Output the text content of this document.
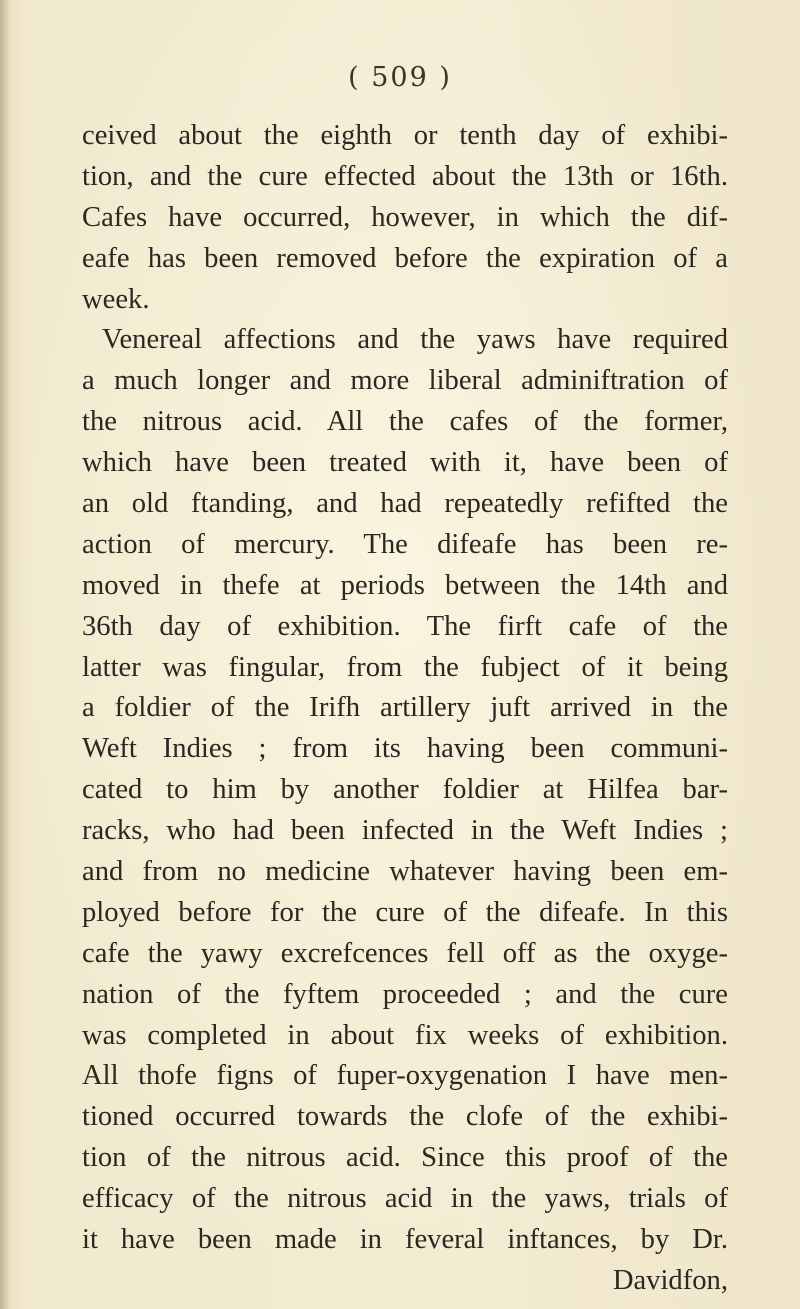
( 509 )
ceived about the eighth or tenth day of exhibi-
tion, and the cure effected about the 13th or 16th.
Cafes have occurred, however, in which the dif-
eafe has been removed before the expiration of a
week.
Venereal affections and the yaws have required
a much longer and more liberal adminiftration of
the nitrous acid. All the cafes of the former,
which have been treated with it, have been of
an old ftanding, and had repeatedly refifted the
action of mercury. The difeafe has been re-
moved in thefe at periods between the 14th and
36th day of exhibition. The firft cafe of the
latter was fingular, from the fubject of it being
a foldier of the Irifh artillery juft arrived in the
Weft Indies ; from its having been communi-
cated to him by another foldier at Hilfea bar-
racks, who had been infected in the Weft Indies ;
and from no medicine whatever having been em-
ployed before for the cure of the difeafe. In this
cafe the yawy excrefcences fell off as the oxyge-
nation of the fyftem proceeded ; and the cure
was completed in about fix weeks of exhibition.
All thofe figns of fuper-oxygenation I have men-
tioned occurred towards the clofe of the exhibi-
tion of the nitrous acid. Since this proof of the
efficacy of the nitrous acid in the yaws, trials of
it have been made in feveral inftances, by Dr.
Davidfon,
